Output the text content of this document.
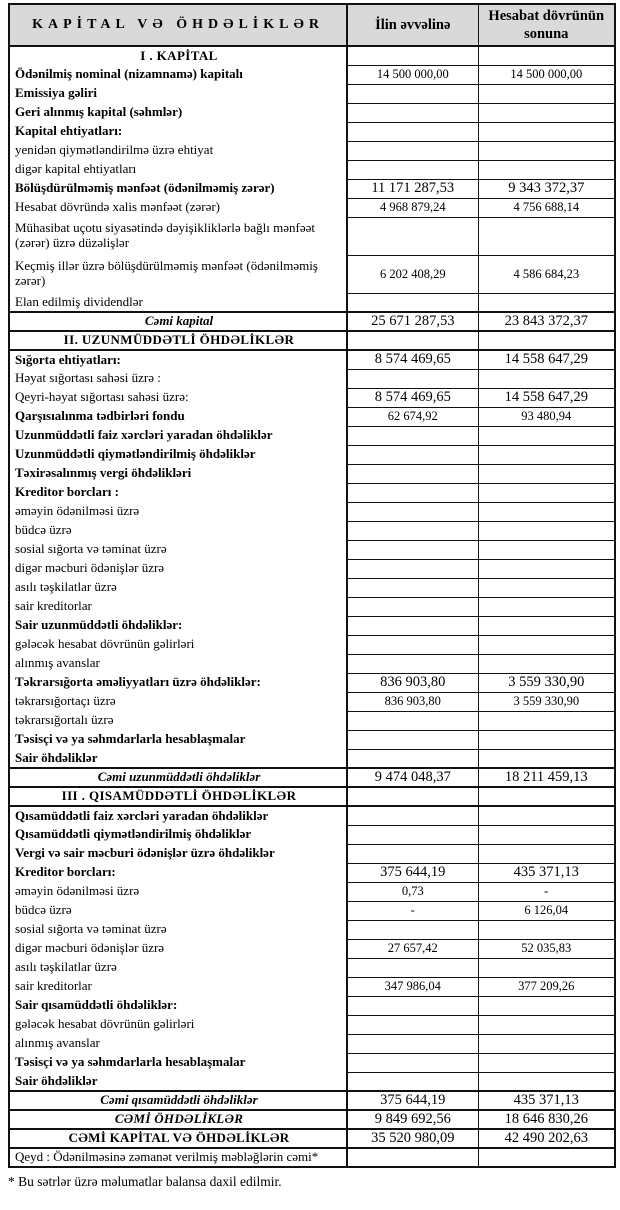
KAPİTAL VƏ ÖHDƏLİKLƏR	İlin əvvəlinə	Hesabat dövrünün sonuna
I . KAPİTAL		
Ödənilmiş nominal (nizamnamə) kapitalı	14 500 000,00	14 500 000,00
Emissiya gəliri		
Geri alınmış kapital (səhmlər)		
Kapital ehtiyatları:		
yenidən qiymətləndirilmə üzrə ehtiyat		
digər kapital ehtiyatları		
Bölüşdürülməmiş mənfəət (ödənilməmiş zərər)	11 171 287,53	9 343 372,37
Hesabat dövründə xalis mənfəət (zərər)	4 968 879,24	4 756 688,14
Mühasibat uçotu siyasətində dəyişikliklərlə bağlı mənfəət (zərər) üzrə düzəlişlər		
Keçmiş illər üzrə bölüşdürülməmiş mənfəət (ödənilməmiş zərər)	6 202 408,29	4 586 684,23
Elan edilmiş dividendlər		
Cəmi kapital	25 671 287,53	23 843 372,37
II. UZUNMÜDDƏTLİ ÖHDƏLİKLƏR		
Sığorta ehtiyatları:	8 574 469,65	14 558 647,29
Həyat sığortası sahəsi üzrə :		
Qeyri-həyat sığortası sahəsi üzrə:	8 574 469,65	14 558 647,29
Qarşısıalınma tədbirləri fondu	62 674,92	93 480,94
Uzunmüddətli faiz xərcləri yaradan öhdəliklər		
Uzunmüddətli qiymətləndirilmiş öhdəliklər		
Təxirəsalınmış vergi öhdəlikləri		
Kreditor borcları :		
əməyin ödənilməsi üzrə		
büdcə üzrə		
sosial sığorta və təminat üzrə		
digər məcburi ödənişlər üzrə		
asılı təşkilatlar üzrə		
sair kreditorlar		
Sair uzunmüddətli öhdəliklər:		
gələcək hesabat dövrünün gəlirləri		
alınmış avanslar		
Təkrarsığorta əməliyyatları üzrə öhdəliklər:	836 903,80	3 559 330,90
təkrarsığortaçı üzrə	836 903,80	3 559 330,90
təkrarsığortalı üzrə		
Təsisçi və ya səhmdarlarla hesablaşmalar		
Sair öhdəliklər		
Cəmi uzunmüddətli öhdəliklər	9 474 048,37	18 211 459,13
III . QISAMÜDDƏTLİ ÖHDƏLİKLƏR		
Qısamüddətli faiz xərcləri yaradan öhdəliklər		
Qısamüddətli qiymətləndirilmiş öhdəliklər		
Vergi və sair məcburi ödənişlər üzrə öhdəliklər		
Kreditor borcları:	375 644,19	435 371,13
əməyin ödənilməsi üzrə	0,73	-
büdcə üzrə	-	6 126,04
sosial sığorta və təminat üzrə		
digər məcburi ödənişlər üzrə	27 657,42	52 035,83
asılı təşkilatlar üzrə		
sair kreditorlar	347 986,04	377 209,26
Sair qısamüddətli öhdəliklər:		
gələcək hesabat dövrünün gəlirləri		
alınmış avanslar		
Təsisçi və ya səhmdarlarla hesablaşmalar		
Sair öhdəliklər		
Cəmi qısamüddətli öhdəliklər	375 644,19	435 371,13
CƏMİ ÖHDƏLİKLƏR	9 849 692,56	18 646 830,26
CƏMİ KAPİTAL VƏ ÖHDƏLİKLƏR	35 520 980,09	42 490 202,63
Qeyd : Ödənilməsinə zəmanət verilmiş məbləğlərin cəmi*		
* Bu sətrlər üzrə məlumatlar balansa daxil edilmir.
